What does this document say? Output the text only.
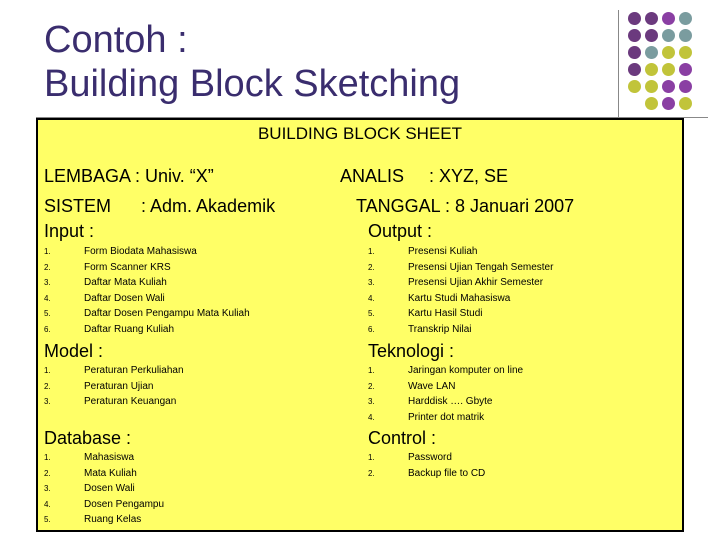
Contoh :
Building Block Sketching
BUILDING BLOCK SHEET
LEMBAGA : Univ. “X”
SISTEM      : Adm. Akademik
ANALIS     : XYZ, SE
TANGGAL : 8 Januari 2007
Input :
1.	Form Biodata Mahasiswa
2.	Form Scanner KRS
3.	Daftar Mata Kuliah
4.	Daftar Dosen Wali
5.	Daftar Dosen Pengampu Mata Kuliah
6.	Daftar Ruang Kuliah
Output :
1.	Presensi Kuliah
2.	Presensi Ujian Tengah Semester
3.	Presensi Ujian Akhir Semester
4.	Kartu Studi Mahasiswa
5.	Kartu Hasil Studi
6.	Transkrip Nilai
Model :
1.	Peraturan Perkuliahan
2.	Peraturan Ujian
3.	Peraturan Keuangan
Teknologi :
1.	Jaringan komputer on line
2.	Wave LAN
3.	Harddisk …. Gbyte
4.	Printer dot matrik
Database :
1.	Mahasiswa
2.	Mata Kuliah
3.	Dosen Wali
4.	Dosen Pengampu
5.	Ruang Kelas
Control :
1.	Password
2.	Backup file to CD
